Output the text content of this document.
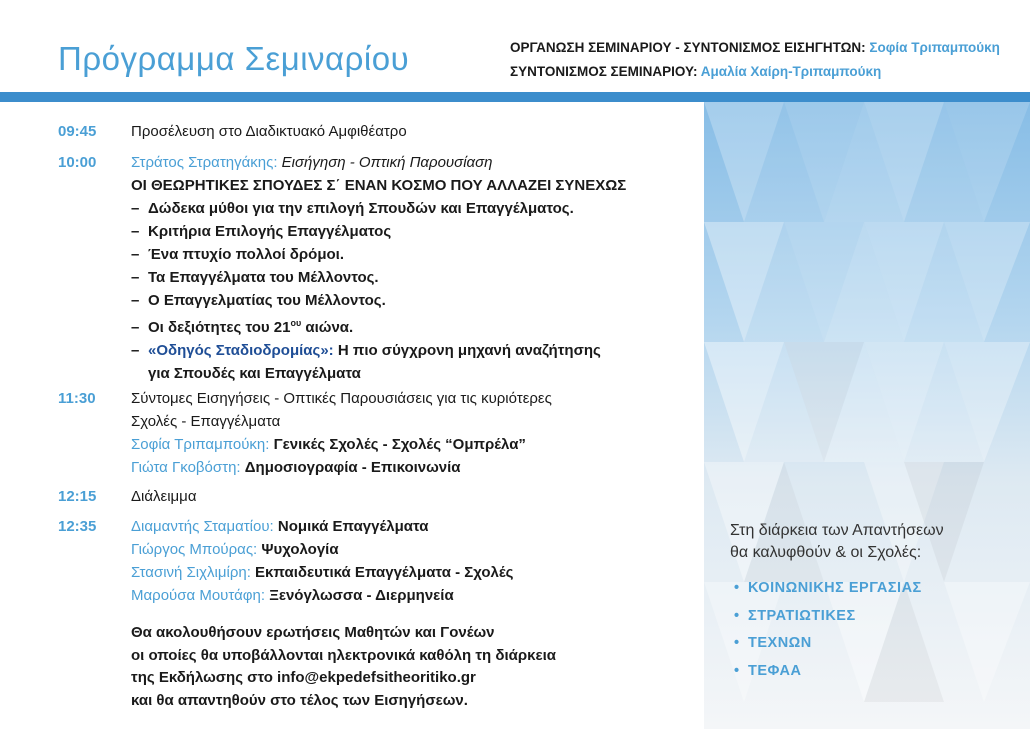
Πρόγραμμα Σεμιναρίου	ΟΡΓΑΝΩΣΗ ΣΕΜΙΝΑΡΙΟΥ - ΣΥΝΤΟΝΙΣΜΟΣ ΕΙΣΗΓΗΤΩΝ: Σοφία Τριπαμπούκη
ΣΥΝΤΟΝΙΣΜΟΣ ΣΕΜΙΝΑΡΙΟΥ: Αμαλία Χαίρη-Τριπαμπούκη
Στη διάρκεια των Απαντήσεων
θα καλυφθούν & οι Σχολές:
• ΚΟΙΝΩΝΙΚΗΣ ΕΡΓΑΣΙΑΣ
• ΣΤΡΑΤΙΩΤΙΚΕΣ
• ΤΕΧΝΩΝ
• ΤΕΦΑΑ
09:45	Προσέλευση στο Διαδικτυακό Αμφιθέατρο
10:00	Στράτος Στρατηγάκης: Εισήγηση - Οπτική Παρουσίαση
ΟΙ ΘΕΩΡΗΤΙΚΕΣ ΣΠΟΥΔΕΣ Σ΄ ΕΝΑΝ ΚΟΣΜΟ ΠΟΥ ΑΛΛΑΖΕΙ ΣΥΝΕΧΩΣ
– Δώδεκα μύθοι για την επιλογή Σπουδών και Επαγγέλματος.
– Κριτήρια Επιλογής Επαγγέλματος
– Ένα πτυχίο πολλοί δρόμοι.
– Τα Επαγγέλματα του Μέλλοντος.
– Ο Επαγγελματίας του Μέλλοντος.
– Οι δεξιότητες του $21^{o\upsilon}$ αιώνα.
– «Οδηγός Σταδιοδρομίας»: Η πιο σύγχρονη μηχανή αναζήτησης
για Σπουδές και Επαγγέλματα
11:30	Σύντομες Εισηγήσεις - Οπτικές Παρουσιάσεις για τις κυριότερες
Σχολές - Επαγγέλματα
Σοφία Τριπαμπούκη: Γενικές Σχολές - Σχολές “Ομπρέλα”
Γιώτα Γκοβόστη: Δημοσιογραφία - Επικοινωνία
12:15	Διάλειμμα
12:35	Διαμαντής Σταματίου: Νομικά Επαγγέλματα
Γιώργος Μπούρας: Ψυχολογία
Στασινή Σιχλιμίρη: Εκπαιδευτικά Επαγγέλματα - Σχολές
Μαρούσα Μουτάφη: Ξενόγλωσσα - Διερμηνεία
Θα ακολουθήσουν ερωτήσεις Μαθητών και Γονέων
οι οποίες θα υποβάλλονται ηλεκτρονικά καθόλη τη διάρκεια
της Εκδήλωσης στο info@ekpedefsitheoritiko.gr
και θα απαντηθούν στο τέλος των Εισηγήσεων.
